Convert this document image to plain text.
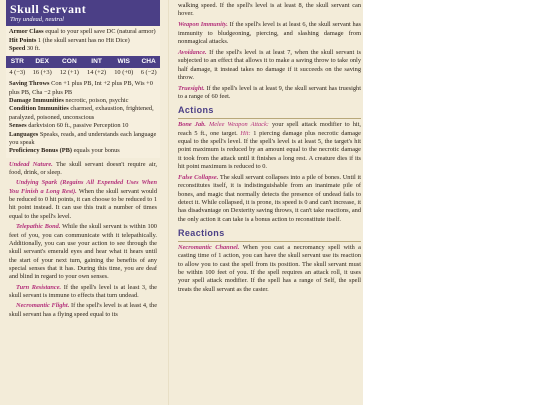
Skull Servant
Tiny undead, neutral
Armor Class equal to your spell save DC (natural armor)
Hit Points 1 (the skull servant has no Hit Dice)
Speed 30 ft.
STR	DEX	CON	INT	WIS	CHA
4 (−3)	16 (+3)	12 (+1)	14 (+2)	10 (+0)	6 (−2)
Saving Throws Con +1 plus PB, Int +2 plus PB, Wis +0 plus PB, Cha −2 plus PB
Damage Immunities necrotic, poison, psychic
Condition Immunities charmed, exhaustion, frightened, paralyzed, poisoned, unconscious
Senses darkvision 60 ft., passive Perception 10
Languages Speaks, reads, and understands each language you speak
Proficiency Bonus (PB) equals your bonus

Undead Nature. The skull servant doesn't require air, food, drink, or sleep.

Undying Spark (Regains All Expended Uses When You Finish a Long Rest). When the skull servant would be reduced to 0 hit points, it can choose to be reduced to 1 hit point instead. It can use this trait a number of times equal to the spell's level.

Telepathic Bond. While the skull servant is within 100 feet of you, you can communicate with it telepathically. Additionally, you can use your action to see through the skull servant's emerald eyes and hear what it hears until the start of your next turn, gaining the benefits of any special senses that it has. During this time, you are deaf and blind in regard to your own senses.

Turn Resistance. If the spell's level is at least 3, the skull servant is immune to effects that turn undead.

Necromantic Flight. If the spell's level is at least 4, the skull servant has a flying speed equal to its

walking speed. If the spell's level is at least 8, the skull servant can hover.

Weapon Immunity. If the spell's level is at least 6, the skull servant has immunity to bludgeoning, piercing, and slashing damage from nonmagical attacks.

Avoidance. If the spell's level is at least 7, when the skull servant is subjected to an effect that allows it to make a saving throw to take only half damage, it instead takes no damage if it succeeds on the saving throw.

Truesight. If the spell's level is at least 9, the skull servant has truesight to a range of 60 feet.

Actions

Bone Jab. Melee Weapon Attack: your spell attack modifier to hit, reach 5 ft., one target. Hit: 1 piercing damage plus necrotic damage equal to the spell's level. If the spell's level is at least 5, the target's hit point maximum is reduced by an amount equal to the necrotic damage it took from the attack until it finishes a long rest. A creature dies if its hit point maximum is reduced to 0.

False Collapse. The skull servant collapses into a pile of bones. Until it reconstitutes itself, it is indistinguishable from an inanimate pile of bones, and magic that normally detects the presence of undead fails to detect it. While collapsed, it is prone, its speed is 0 and can't increase, it has disadvantage on Dexterity saving throws, it can't take reactions, and the only action it can take is a bonus action to reconstitute itself.

Reactions

Necromantic Channel. When you cast a necromancy spell with a casting time of 1 action, you can have the skull servant use its reaction to allow you to cast the spell from its position. The skull servant must be within 100 feet of you. If the spell requires an attack roll, it uses your spell attack modifier. If the spell has a range of Self, the spell treats the skull servant as the caster.
